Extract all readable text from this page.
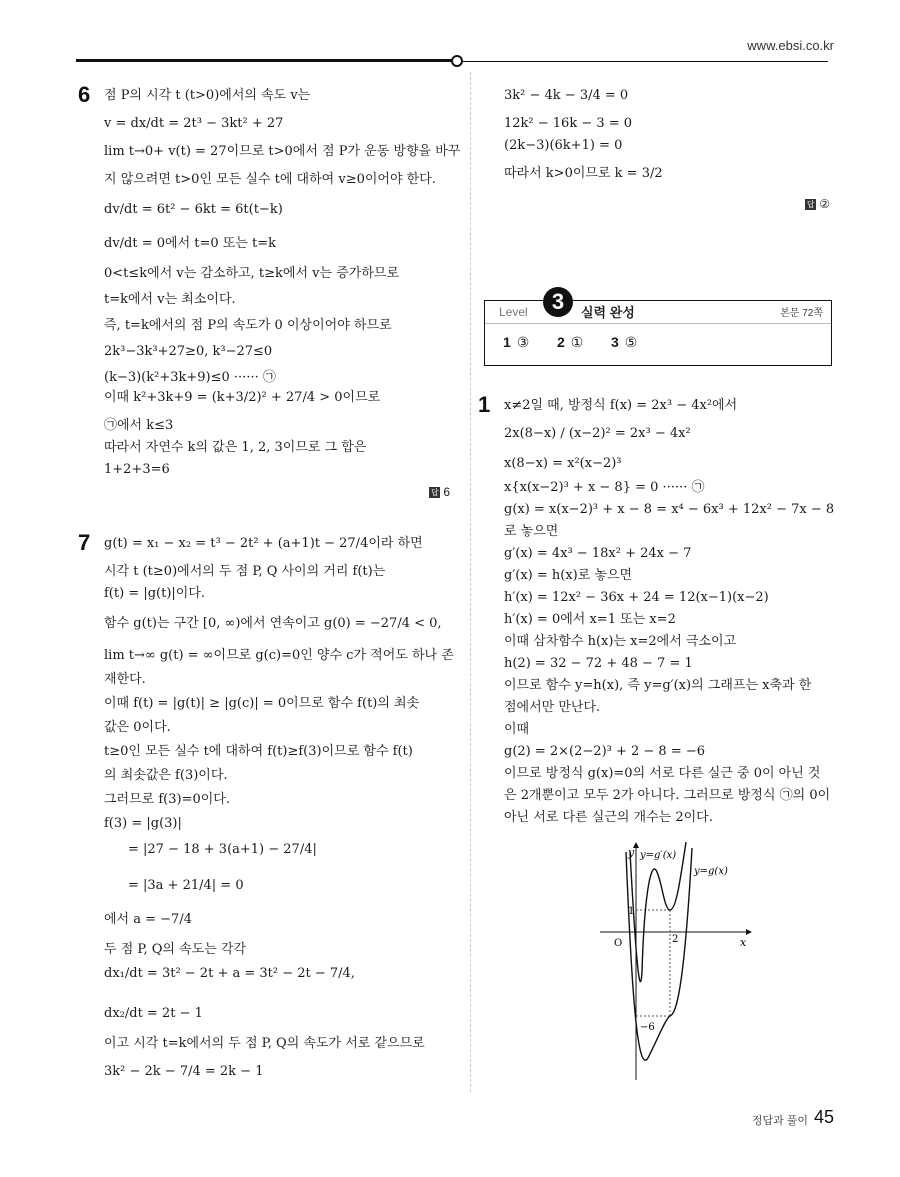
www.ebsi.co.kr
6
7
1
점 P의 시각 t (t>0)에서의 속도 v는
v = dx/dt = 2t³ − 3kt² + 27
lim t→0+ v(t) = 27이므로 t>0에서 점 P가 운동 방향을 바꾸
지 않으려면 t>0인 모든 실수 t에 대하여 v≥0이어야 한다.
dv/dt = 6t² − 6kt = 6t(t−k)
dv/dt = 0에서 t=0 또는 t=k
0<t≤k에서 v는 감소하고, t≥k에서 v는 증가하므로
t=k에서 v는 최소이다.
즉, t=k에서의 점 P의 속도가 0 이상이어야 하므로
2k³−3k³+27≥0, k³−27≤0
(k−3)(k²+3k+9)≤0 ······ ㉠
이때 k²+3k+9 = (k+3/2)² + 27/4 > 0이므로
㉠에서 k≤3
따라서 자연수 k의 값은 1, 2, 3이므로 그 합은
1+2+3=6
답 6
g(t) = x₁ − x₂ = t³ − 2t² + (a+1)t − 27/4이라 하면
시각 t (t≥0)에서의 두 점 P, Q 사이의 거리 f(t)는
f(t) = |g(t)|이다.
함수 g(t)는 구간 [0, ∞)에서 연속이고 g(0) = −27/4 < 0,
lim t→∞ g(t) = ∞이므로 g(c)=0인 양수 c가 적어도 하나 존
재한다.
이때 f(t) = |g(t)| ≥ |g(c)| = 0이므로 함수 f(t)의 최솟
값은 0이다.
t≥0인 모든 실수 t에 대하여 f(t)≥f(3)이므로 함수 f(t)
의 최솟값은 f(3)이다.
그러므로 f(3)=0이다.
f(3) = |g(3)|
= |27 − 18 + 3(a+1) − 27/4|
= |3a + 21/4| = 0
에서 a = −7/4
두 점 P, Q의 속도는 각각
dx₁/dt = 3t² − 2t + a = 3t² − 2t − 7/4,
dx₂/dt = 2t − 1
이고 시각 t=k에서의 두 점 P, Q의 속도가 서로 같으므로
3k² − 2k − 7/4 = 2k − 1
3k² − 4k − 3/4 = 0
12k² − 16k − 3 = 0
(2k−3)(6k+1) = 0
따라서 k>0이므로 k = 3/2
답 ②
x≠2일 때, 방정식 f(x) = 2x³ − 4x²에서
2x(8−x) / (x−2)² = 2x³ − 4x²
x(8−x) = x²(x−2)³
x{x(x−2)³ + x − 8} = 0 ······ ㉠
g(x) = x(x−2)³ + x − 8 = x⁴ − 6x³ + 12x² − 7x − 8
로 놓으면
g′(x) = 4x³ − 18x² + 24x − 7
g′(x) = h(x)로 놓으면
h′(x) = 12x² − 36x + 24 = 12(x−1)(x−2)
h′(x) = 0에서 x=1 또는 x=2
이때 삼차함수 h(x)는 x=2에서 극소이고
h(2) = 32 − 72 + 48 − 7 = 1
이므로 함수 y=h(x), 즉 y=g′(x)의 그래프는 x축과 한
점에서만 만난다.
이때
g(2) = 2×(2−2)³ + 2 − 8 = −6
이므로 방정식 g(x)=0의 서로 다른 실근 중 0이 아닌 것
은 2개뿐이고 모두 2가 아니다. 그러므로 방정식 ㉠의 0이
아닌 서로 다른 실근의 개수는 2이다.
Level	3	실력 완성	본문 72쪽
1 ③ 2 ① 3 ⑤
y
x
O
y=g′(x)
y=g(x)
1
2
−6
정답과 풀이 45
